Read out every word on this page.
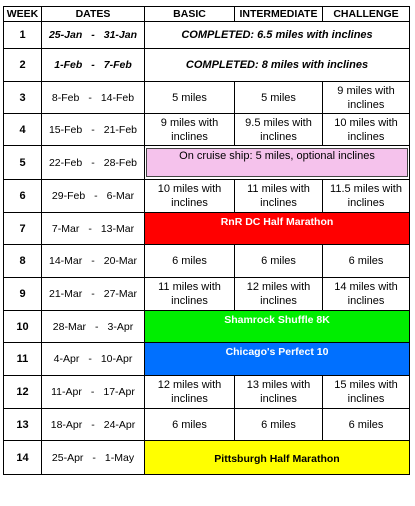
WEEK	DATES	BASIC	INTERMEDIATE	CHALLENGE
1	25-Jan - 31-Jan	COMPLETED: 6.5 miles with inclines		
2	1-Feb - 7-Feb	COMPLETED: 8 miles with inclines		
3	8-Feb - 14-Feb	5 miles	5 miles	9 miles with inclines
4	15-Feb - 21-Feb	9 miles with inclines	9.5 miles with inclines	10 miles with inclines
5	22-Feb - 28-Feb	On cruise ship: 5 miles, optional inclines		

6	29-Feb - 6-Mar	10 miles with inclines	11 miles with inclines	11.5 miles with inclines
7	7-Mar - 13-Mar	RnR DC Half Marathon		
8	14-Mar - 20-Mar	6 miles	6 miles	6 miles
9	21-Mar - 27-Mar	11 miles with inclines	12 miles with inclines	14 miles with inclines
10	28-Mar - 3-Apr	Shamrock Shuffle 8K		
11	4-Apr - 10-Apr	Chicago's Perfect 10		
12	11-Apr - 17-Apr	12 miles with inclines	13 miles with inclines	15 miles with inclines
13	18-Apr - 24-Apr	6 miles	6 miles	6 miles
14	25-Apr - 1-May	Pittsburgh Half Marathon		
